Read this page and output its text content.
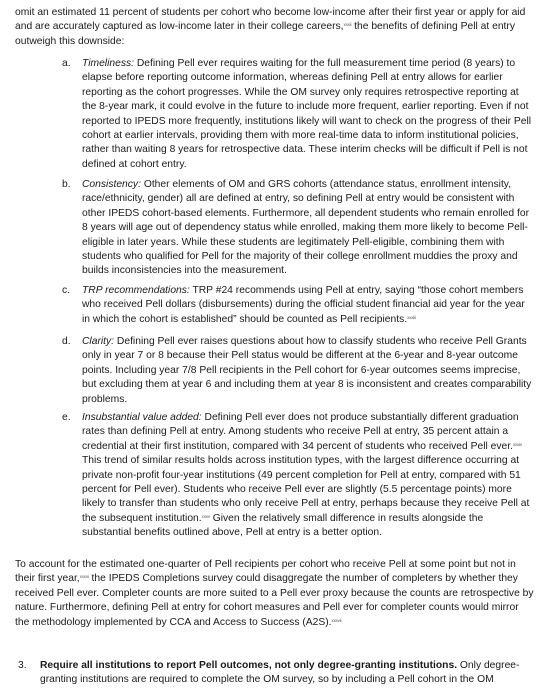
omit an estimated 11 percent of students per cohort who become low-income after their first year or apply for aid and are accurately captured as low-income later in their college careers,$^{xxxii}$ the benefits of defining Pell at entry outweigh this downside:

a. Timeliness: Defining Pell ever requires waiting for the full measurement time period (8 years) to elapse before reporting outcome information, whereas defining Pell at entry allows for earlier reporting as the cohort progresses. While the OM survey only requires retrospective reporting at the 8-year mark, it could evolve in the future to include more frequent, earlier reporting. Even if not reported to IPEDS more frequently, institutions likely will want to check on the progress of their Pell cohort at earlier intervals, providing them with more real-time data to inform institutional policies, rather than waiting 8 years for retrospective data. These interim checks will be difficult if Pell is not defined at cohort entry.

b. Consistency: Other elements of OM and GRS cohorts (attendance status, enrollment intensity, race/ethnicity, gender) all are defined at entry, so defining Pell at entry would be consistent with other IPEDS cohort-based elements. Furthermore, all dependent students who remain enrolled for 8 years will age out of dependency status while enrolled, making them more likely to become Pell-eligible in later years. While these students are legitimately Pell-eligible, combining them with students who qualified for Pell for the majority of their college enrollment muddies the proxy and builds inconsistencies into the measurement.

c. TRP recommendations: TRP #24 recommends using Pell at entry, saying “those cohort members who received Pell dollars (disbursements) during the official student financial aid year for the year in which the cohort is established” should be counted as Pell recipients.$^{xxxiii}$

d. Clarity: Defining Pell ever raises questions about how to classify students who receive Pell Grants only in year 7 or 8 because their Pell status would be different at the 6-year and 8-year outcome points. Including year 7/8 Pell recipients in the Pell cohort for 6-year outcomes seems imprecise, but excluding them at year 6 and including them at year 8 is inconsistent and creates comparability problems.

e. Insubstantial value added: Defining Pell ever does not produce substantially different graduation rates than defining Pell at entry. Among students who receive Pell at entry, 35 percent attain a credential at their first institution, compared with 34 percent of students who received Pell ever.$^{xxxiv}$ This trend of similar results holds across institution types, with the largest difference occurring at private non-profit four-year institutions (49 percent completion for Pell at entry, compared with 51 percent for Pell ever). Students who receive Pell ever are slightly (5.5 percentage points) more likely to transfer than students who only receive Pell at entry, perhaps because they receive Pell at the subsequent institution.$^{xxxv}$ Given the relatively small difference in results alongside the substantial benefits outlined above, Pell at entry is a better option.

To account for the estimated one-quarter of Pell recipients per cohort who receive Pell at some point but not in their first year,$^{xxxvi}$ the IPEDS Completions survey could disaggregate the number of completers by whether they received Pell ever. Completer counts are more suited to a Pell ever proxy because the counts are retrospective by nature. Furthermore, defining Pell at entry for cohort measures and Pell ever for completer counts would mirror the methodology implemented by CCA and Access to Success (A2S).$^{xxxvii}$

3. Require all institutions to report Pell outcomes, not only degree-granting institutions. Only degree-granting institutions are required to complete the OM survey, so by including a Pell cohort in the OM
